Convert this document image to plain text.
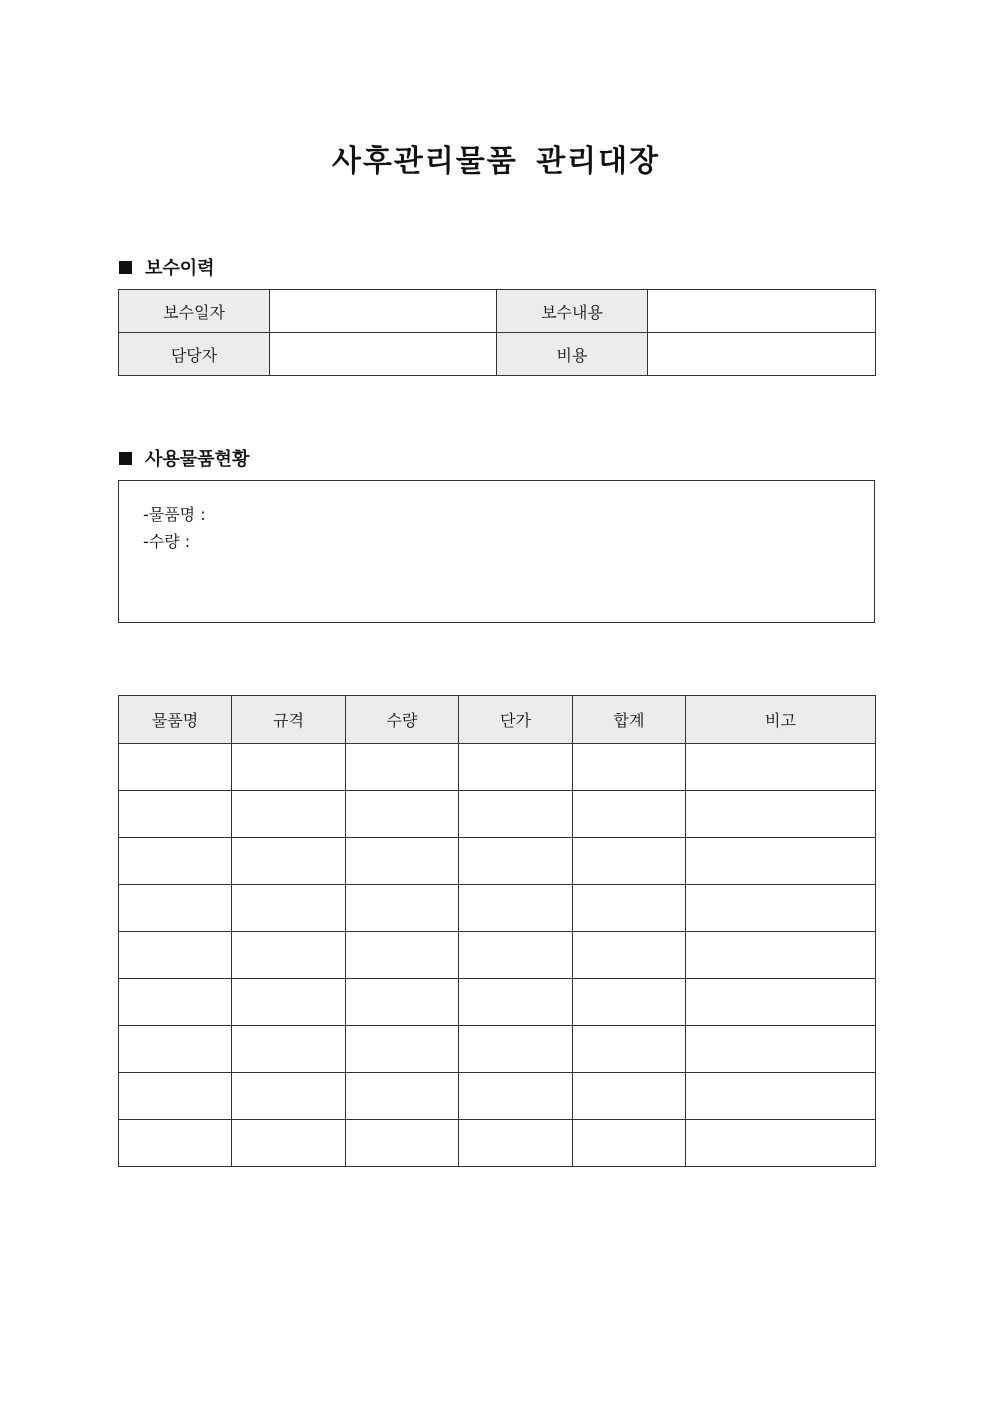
사후관리물품 관리대장
보수이력
보수일자		보수내용	
담당자		비용	
사용물품현황
-물품명 :
-수량 :
물품명	규격	수량	단가	합계	비고
